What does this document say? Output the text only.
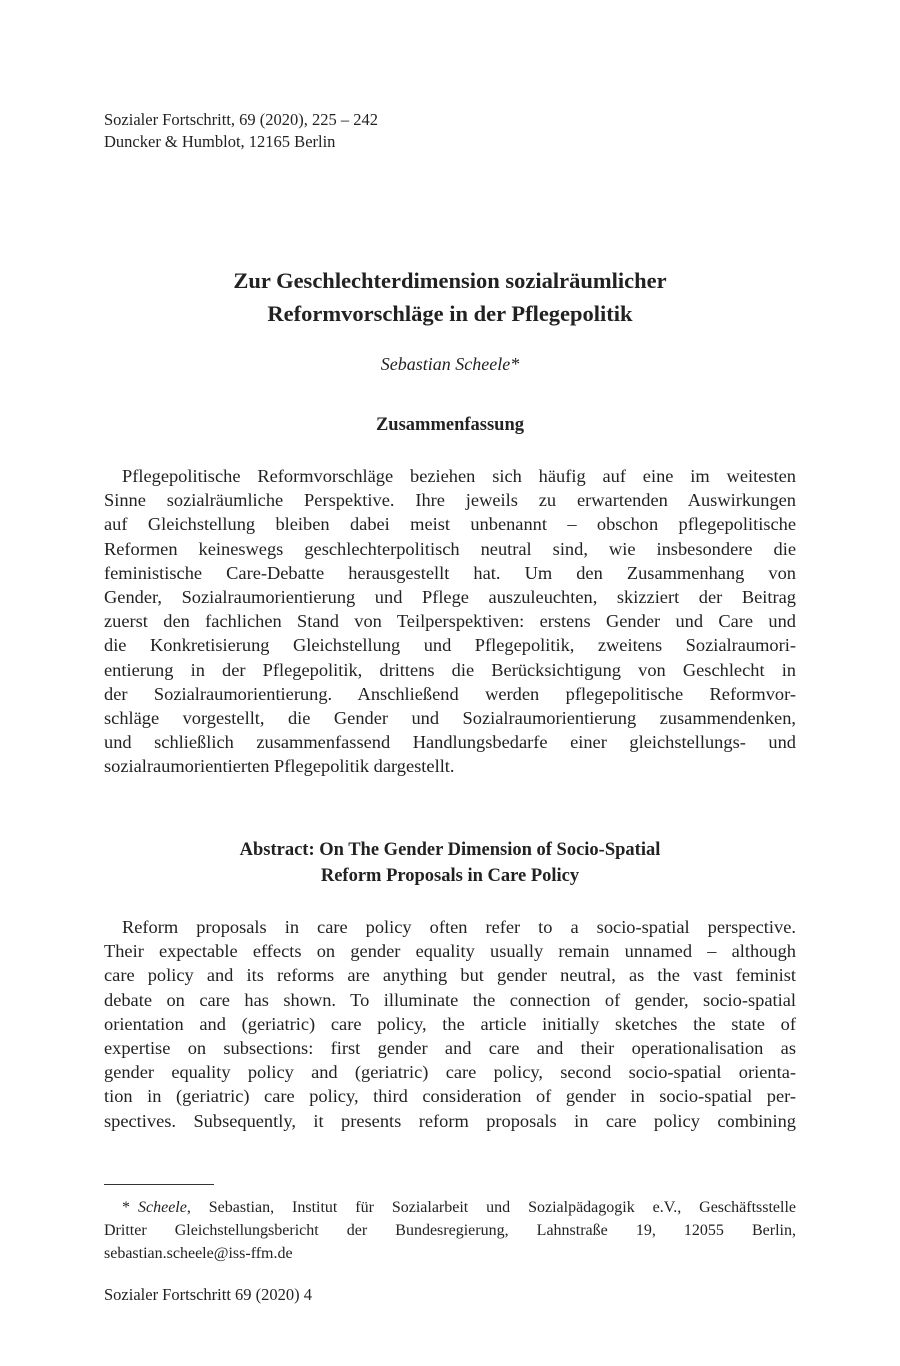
Sozialer Fortschritt, 69 (2020), 225 – 242
Duncker & Humblot, 12165 Berlin
Zur Geschlechterdimension sozialräumlicher
Reformvorschläge in der Pflegepolitik
Sebastian Scheele*
Zusammenfassung
Pflegepolitische Reformvorschläge beziehen sich häufig auf eine im weitesten
Sinne sozialräumliche Perspektive. Ihre jeweils zu erwartenden Auswirkungen
auf Gleichstellung bleiben dabei meist unbenannt – obschon pflegepolitische
Reformen keineswegs geschlechterpolitisch neutral sind, wie insbesondere die
feministische Care-Debatte herausgestellt hat. Um den Zusammenhang von
Gender, Sozialraumorientierung und Pflege auszuleuchten, skizziert der Beitrag
zuerst den fachlichen Stand von Teilperspektiven: erstens Gender und Care und
die Konkretisierung Gleichstellung und Pflegepolitik, zweitens Sozialraumori-
entierung in der Pflegepolitik, drittens die Berücksichtigung von Geschlecht in
der Sozialraumorientierung. Anschließend werden pflegepolitische Reformvor-
schläge vorgestellt, die Gender und Sozialraumorientierung zusammendenken,
und schließlich zusammenfassend Handlungsbedarfe einer gleichstellungs- und
sozialraumorientierten Pflegepolitik dargestellt.
Abstract: On The Gender Dimension of Socio-Spatial
Reform Proposals in Care Policy
Reform proposals in care policy often refer to a socio-spatial perspective.
Their expectable effects on gender equality usually remain unnamed – although
care policy and its reforms are anything but gender neutral, as the vast feminist
debate on care has shown. To illuminate the connection of gender, socio-spatial
orientation and (geriatric) care policy, the article initially sketches the state of
expertise on subsections: first gender and care and their operationalisation as
gender equality policy and (geriatric) care policy, second socio-spatial orienta-
tion in (geriatric) care policy, third consideration of gender in socio-spatial per-
spectives. Subsequently, it presents reform proposals in care policy combining
* Scheele, Sebastian, Institut für Sozialarbeit und Sozialpädagogik e.V., Geschäftsstelle
Dritter Gleichstellungsbericht der Bundesregierung, Lahnstraße 19, 12055 Berlin,
sebastian.scheele@iss-ffm.de
Sozialer Fortschritt 69 (2020) 4
